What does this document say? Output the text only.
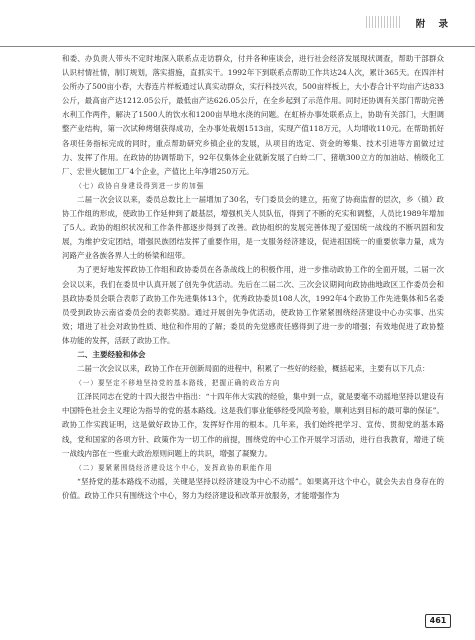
附 录

和委、办负责人带头不定时地深入联系点走访群众，付并各种座谈会，进行社会经济发展现状调查，帮助干部群众认识村情社情，制订规划，落实措施，直抓实干。1992年下到联系点帮助工作共达24人次，累计365天。在四泮村公所办了500亩小春，大春连片样板通过认真实动群众，实行科技兴农，500亩样板上，大小春合计平均亩产达833公斤，最高亩产达1212.05公斤，最低亩产达626.05公斤，在全乡起到了示范作用。同时还协调有关部门帮助完善水利工作两件，解决了1500人的饮水和1200亩旱地水浇的问题。在虹桥办事处联系点上，协助有关部门，大胆调整产业结构，第一次试种烤烟获得成功，全办事处栽烟1513亩，实现产值118万元，人均增收110元。在帮助抓好各项任务指标完成的同时，重点帮助研究乡镇企业的发展，从项目的选定、资金的筹集、技术引进等方面做过过力、发挥了作用。在政协的协调帮助下，92年仅集体企业就新发展了白蛉二厂、猪墩300立方的加油站、梢级化工厂、宏世火腿加工厂4个企业，产值比上年净增250万元。

（七）政协自身建设得到进一步的加强

二届一次会议以来，委员总数比上一届增加了30名，专门委员会的建立，拓宽了协商监督的层次，乡（镇）政协工作组的形成，使政协工作延伸到了最基层，增强机关人员队伍，得到了不断的充实和调整，人员比1989年增加了5人。政协的组织状况和工作条件都逐步得到了改善。政协组织的发展完善体现了爱国统一战线的不断巩固和发展，为维护安定团结，增强民族团结发挥了重要作用，是一支服务经济建设，促进祖国统一的重要依靠力量，成为河路产业各族各界人士的桥梁和纽带。

为了更好地发挥政协工作组和政协委员在各条战线上的积极作用，进一步推动政协工作的全面开展，二届一次会议以来，我们在委员中认真开展了创先争优活动。先后在二届二次、三次会议期间向政协曲地政区工作委员会和县政协委员会联合表彰了政协工作先进集体13个，优秀政协委员108人次，1992年4个政协工作先进集体和5名委员受到政协云南省委员会的表彰奖励。通过开展创先争优活动，使政协工作紧紧围绕经济建设中心办实事、出实效；增进了社会对政协性质、地位和作用的了解；委员的先觉感责任感得到了进一步的增强；有效地促进了政协整体功能的发挥，活跃了政协工作。

二、主要经验和体会

二届一次会议以来，政协工作在开创新局面的进程中，积累了一些好的经验，概括起来，主要有以下几点：

（一）要坚定不移地坚持党的基本路线，把握正确的政治方向

江泽民同志在党的十四大报告中指出：“十四年伟大实践的经验，集中到一点，就是要毫不动摇地坚持以建设有中国特色社会主义理论为指导的党的基本路线。这是我们事业能够经受风险考验，顺利达到目标的最可靠的保证”。政协工作实践证明，这是做好政协工作，发挥好作用的根本。几年来，我们始终把学习、宣传、贯彻党的基本路线，党和国家的各项方针、政策作为一切工作的前提，围绕党的中心工作开展学习活动，进行自我教育，增进了统一战线内部在一些重大政治原则问题上的共识，增强了凝聚力。

（二）要紧紧围绕经济建设这个中心，发挥政协的职能作用

“坚持党的基本路线不动摇，关键是坚持以经济建设为中心不动摇”。如果离开这个中心，就会失去自身存在的价值。政协工作只有围绕这个中心，努力为经济建设和改革开放服务，才能增强作为

461
